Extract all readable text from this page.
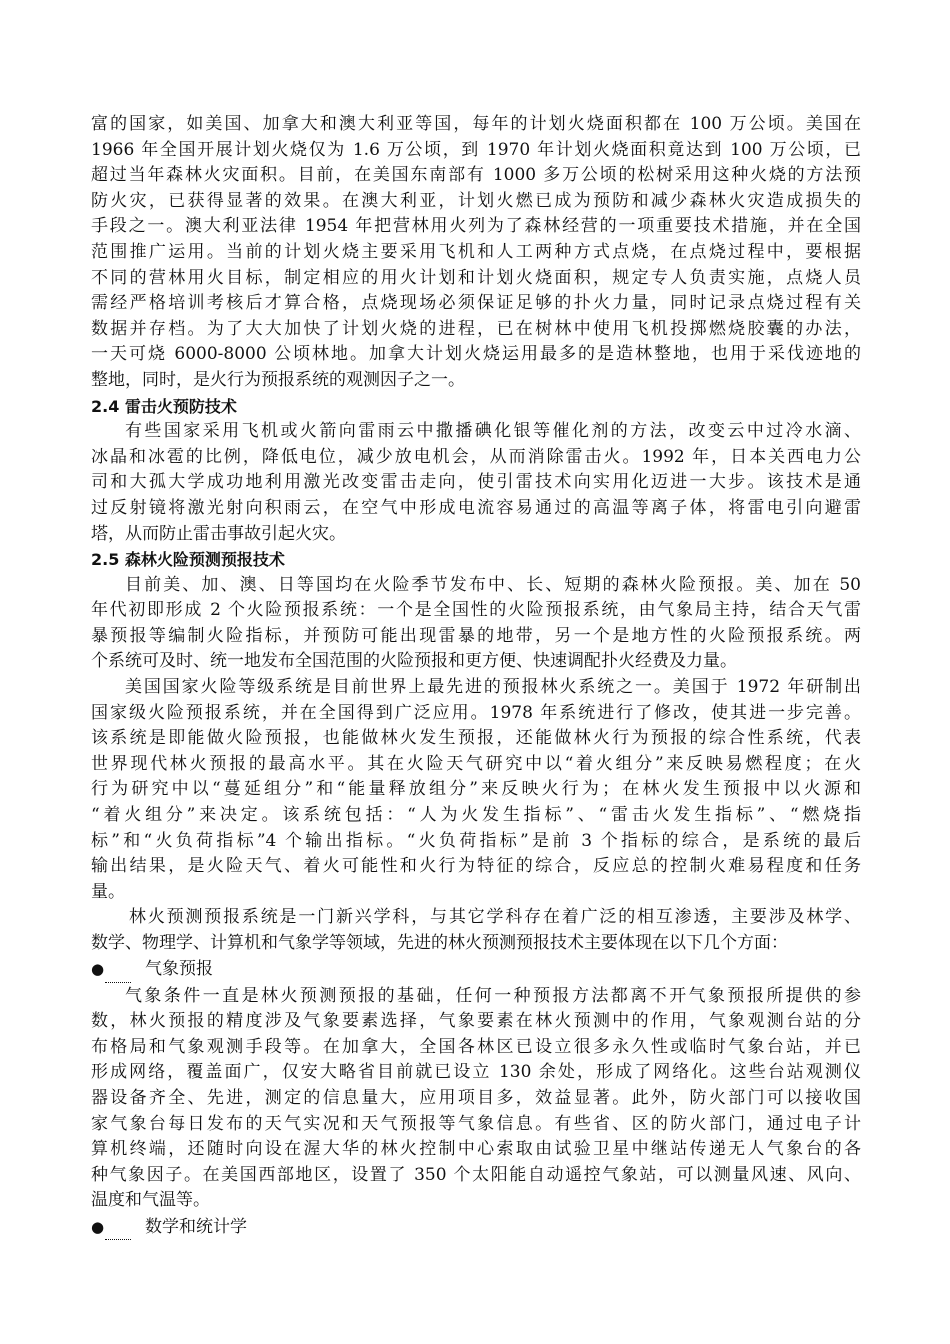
富的国家，如美国、加拿大和澳大利亚等国，每年的计划火烧面积都在 100 万公顷。美国在
1966 年全国开展计划火烧仅为 1.6 万公顷，到 1970 年计划火烧面积竟达到 100 万公顷，已
超过当年森林火灾面积。目前，在美国东南部有 1000 多万公顷的松树采用这种火烧的方法预
防火灾，已获得显著的效果。在澳大利亚，计划火燃已成为预防和减少森林火灾造成损失的
手段之一。澳大利亚法律 1954 年把营林用火列为了森林经营的一项重要技术措施，并在全国
范围推广运用。当前的计划火烧主要采用飞机和人工两种方式点烧，在点烧过程中，要根据
不同的营林用火目标，制定相应的用火计划和计划火烧面积，规定专人负责实施，点烧人员
需经严格培训考核后才算合格，点烧现场必须保证足够的扑火力量，同时记录点烧过程有关
数据并存档。为了大大加快了计划火烧的进程，已在树林中使用飞机投掷燃烧胶囊的办法，
一天可烧 6000-8000 公顷林地。加拿大计划火烧运用最多的是造林整地，也用于采伐迹地的
整地，同时，是火行为预报系统的观测因子之一。
2.4 雷击火预防技术
有些国家采用飞机或火箭向雷雨云中撒播碘化银等催化剂的方法，改变云中过冷水滴、
冰晶和冰雹的比例，降低电位，减少放电机会，从而消除雷击火。1992 年，日本关西电力公
司和大孤大学成功地利用激光改变雷击走向，使引雷技术向实用化迈进一大步。该技术是通
过反射镜将激光射向积雨云，在空气中形成电流容易通过的高温等离子体，将雷电引向避雷
塔，从而防止雷击事故引起火灾。
2.5 森林火险预测预报技术
目前美、加、澳、日等国均在火险季节发布中、长、短期的森林火险预报。美、加在 50
年代初即形成 2 个火险预报系统：一个是全国性的火险预报系统，由气象局主持，结合天气雷
暴预报等编制火险指标，并预防可能出现雷暴的地带，另一个是地方性的火险预报系统。两
个系统可及时、统一地发布全国范围的火险预报和更方便、快速调配扑火经费及力量。
美国国家火险等级系统是目前世界上最先进的预报林火系统之一。美国于 1972 年研制出
国家级火险预报系统，并在全国得到广泛应用。1978 年系统进行了修改，使其进一步完善。
该系统是即能做火险预报，也能做林火发生预报，还能做林火行为预报的综合性系统，代表
世界现代林火预报的最高水平。其在火险天气研究中以“着火组分”来反映易燃程度；在火
行为研究中以“蔓延组分”和“能量释放组分”来反映火行为；在林火发生预报中以火源和
“着火组分”来决定。该系统包括：“人为火发生指标”、“雷击火发生指标”、“燃烧指
标”和“火负荷指标”4 个输出指标。“火负荷指标”是前 3 个指标的综合，是系统的最后
输出结果，是火险天气、着火可能性和火行为特征的综合，反应总的控制火难易程度和任务
量。
林火预测预报系统是一门新兴学科，与其它学科存在着广泛的相互渗透，主要涉及林学、
数学、物理学、计算机和气象学等领域，先进的林火预测预报技术主要体现在以下几个方面：
● 气象预报
气象条件一直是林火预测预报的基础，任何一种预报方法都离不开气象预报所提供的参
数，林火预报的精度涉及气象要素选择，气象要素在林火预测中的作用，气象观测台站的分
布格局和气象观测手段等。在加拿大，全国各林区已设立很多永久性或临时气象台站，并已
形成网络，覆盖面广，仅安大略省目前就已设立 130 余处，形成了网络化。这些台站观测仪
器设备齐全、先进，测定的信息量大，应用项目多，效益显著。此外，防火部门可以接收国
家气象台每日发布的天气实况和天气预报等气象信息。有些省、区的防火部门，通过电子计
算机终端，还随时向设在渥大华的林火控制中心索取由试验卫星中继站传递无人气象台的各
种气象因子。在美国西部地区，设置了 350 个太阳能自动遥控气象站，可以测量风速、风向、
温度和气温等。
● 数学和统计学
